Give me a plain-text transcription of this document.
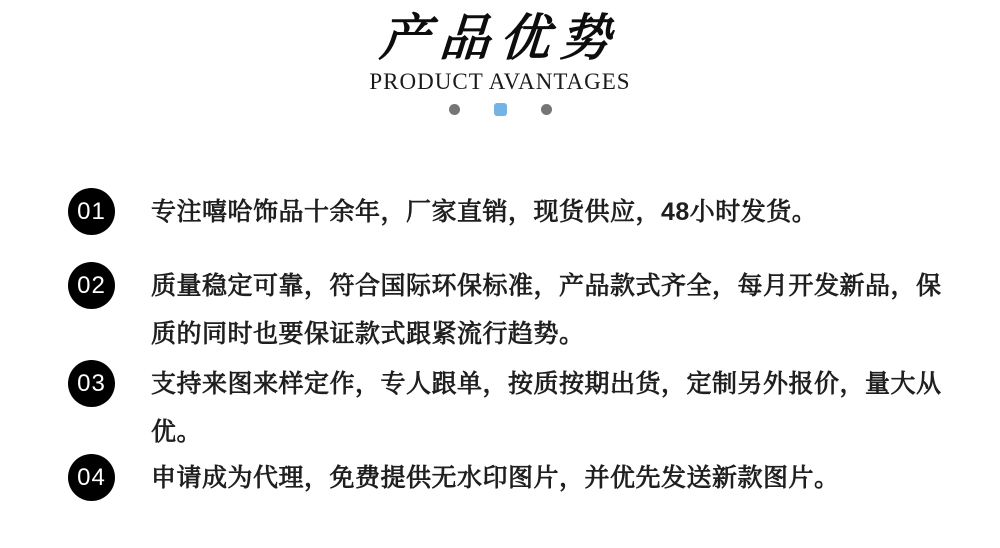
产品优势
PRODUCT AVANTAGES
01	专注嘻哈饰品十余年，厂家直销，现货供应，48小时发货。
02	质量稳定可靠，符合国际环保标准，产品款式齐全，每月开发新品，保质的同时也要保证款式跟紧流行趋势。
03	支持来图来样定作，专人跟单，按质按期出货，定制另外报价，量大从优。
04	申请成为代理，免费提供无水印图片，并优先发送新款图片。
